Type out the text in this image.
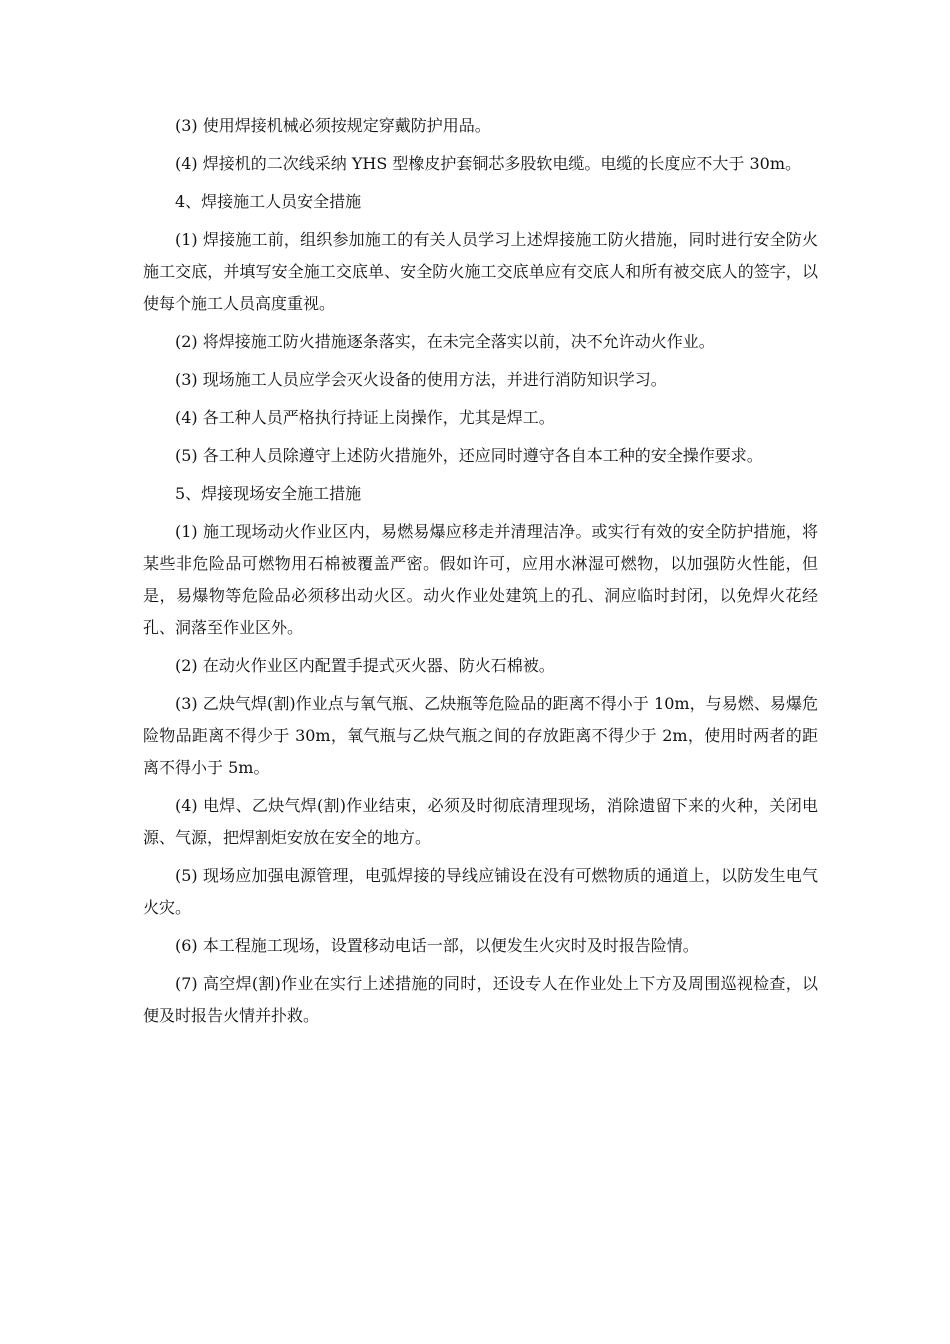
(3) 使用焊接机械必须按规定穿戴防护用品。

(4) 焊接机的二次线采纳 YHS 型橡皮护套铜芯多股软电缆。电缆的长度应不大于 30m。

4、焊接施工人员安全措施

(1) 焊接施工前，组织参加施工的有关人员学习上述焊接施工防火措施，同时进行安全防火施工交底，并填写安全施工交底单、安全防火施工交底单应有交底人和所有被交底人的签字，以使每个施工人员高度重视。

(2) 将焊接施工防火措施逐条落实，在未完全落实以前，决不允许动火作业。

(3) 现场施工人员应学会灭火设备的使用方法，并进行消防知识学习。

(4) 各工种人员严格执行持证上岗操作，尤其是焊工。

(5) 各工种人员除遵守上述防火措施外，还应同时遵守各自本工种的安全操作要求。

5、焊接现场安全施工措施

(1) 施工现场动火作业区内，易燃易爆应移走并清理洁净。或实行有效的安全防护措施，将某些非危险品可燃物用石棉被覆盖严密。假如许可，应用水淋湿可燃物，以加强防火性能，但是，易爆物等危险品必须移出动火区。动火作业处建筑上的孔、洞应临时封闭，以免焊火花经孔、洞落至作业区外。

(2) 在动火作业区内配置手提式灭火器、防火石棉被。

(3) 乙炔气焊(割)作业点与氧气瓶、乙炔瓶等危险品的距离不得小于 10m，与易燃、易爆危险物品距离不得少于 30m，氧气瓶与乙炔气瓶之间的存放距离不得少于 2m，使用时两者的距离不得小于 5m。

(4) 电焊、乙炔气焊(割)作业结束，必须及时彻底清理现场，消除遗留下来的火种，关闭电源、气源，把焊割炬安放在安全的地方。

(5) 现场应加强电源管理，电弧焊接的导线应铺设在没有可燃物质的通道上，以防发生电气火灾。

(6) 本工程施工现场，设置移动电话一部，以便发生火灾时及时报告险情。

(7) 高空焊(割)作业在实行上述措施的同时，还设专人在作业处上下方及周围巡视检查，以便及时报告火情并扑救。
